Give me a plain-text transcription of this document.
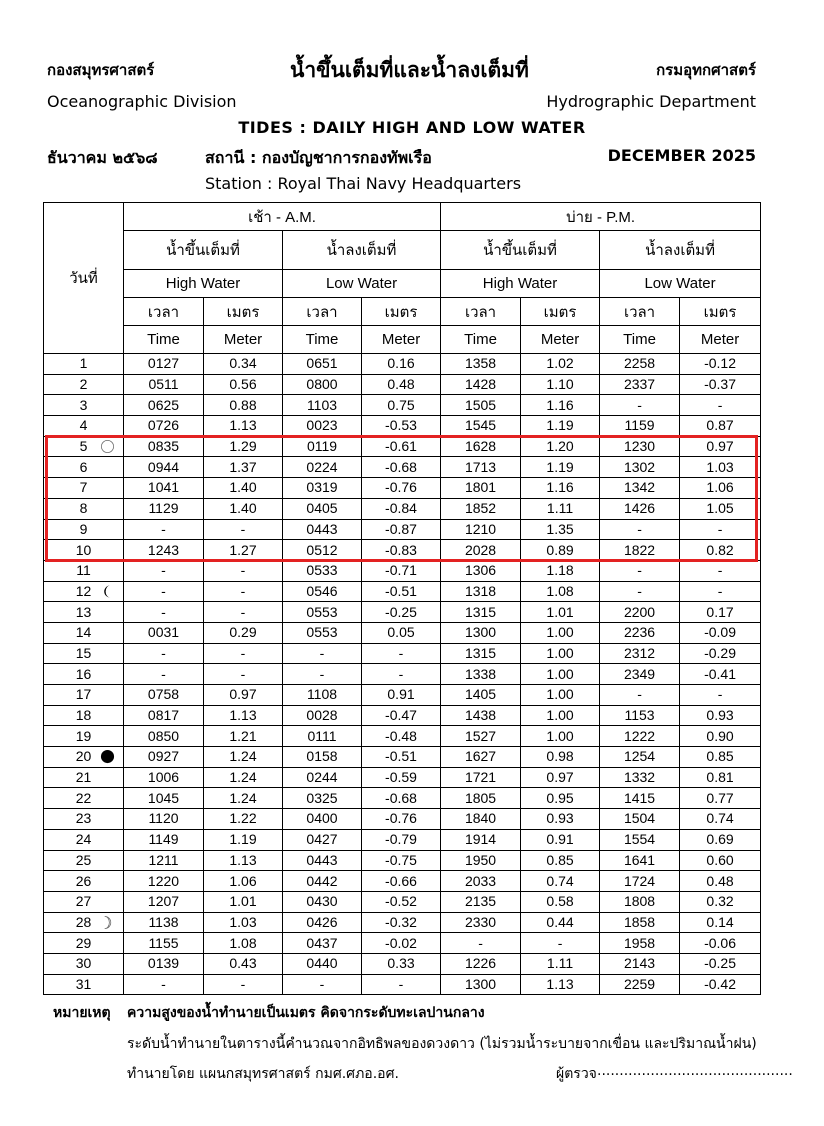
กองสมุทรศาสตร์	น้ำขึ้นเต็มที่และน้ำลงเต็มที่	กรมอุทกศาสตร์
Oceanographic Division	Hydrographic Department
TIDES : DAILY HIGH AND LOW WATER
ธันวาคม ๒๕๖๘	สถานี : กองบัญชาการกองทัพเรือ	DECEMBER 2025
Station : Royal Thai Navy Headquarters
วันที่	เช้า - A.M.				บ่าย - P.M.			
	น้ำขึ้นเต็มที่		น้ำลงเต็มที่		น้ำขึ้นเต็มที่		น้ำลงเต็มที่	
	High Water		Low Water		High Water		Low Water	
	เวลา	เมตร	เวลา	เมตร	เวลา	เมตร	เวลา	เมตร
	Time	Meter	Time	Meter	Time	Meter	Time	Meter
1	0127	0.34	0651	0.16	1358	1.02	2258	-0.12
2	0511	0.56	0800	0.48	1428	1.10	2337	-0.37
3	0625	0.88	1103	0.75	1505	1.16	-	-
4	0726	1.13	0023	-0.53	1545	1.19	1159	0.87
5	0835	1.29	0119	-0.61	1628	1.20	1230	0.97
6	0944	1.37	0224	-0.68	1713	1.19	1302	1.03
7	1041	1.40	0319	-0.76	1801	1.16	1342	1.06
8	1129	1.40	0405	-0.84	1852	1.11	1426	1.05
9	-	-	0443	-0.87	1210	1.35	-	-
10	1243	1.27	0512	-0.83	2028	0.89	1822	0.82
11	-	-	0533	-0.71	1306	1.18	-	-
12	-	-	0546	-0.51	1318	1.08	-	-
13	-	-	0553	-0.25	1315	1.01	2200	0.17
14	0031	0.29	0553	0.05	1300	1.00	2236	-0.09
15	-	-	-	-	1315	1.00	2312	-0.29
16	-	-	-	-	1338	1.00	2349	-0.41
17	0758	0.97	1108	0.91	1405	1.00	-	-
18	0817	1.13	0028	-0.47	1438	1.00	1153	0.93
19	0850	1.21	0111	-0.48	1527	1.00	1222	0.90
20	0927	1.24	0158	-0.51	1627	0.98	1254	0.85
21	1006	1.24	0244	-0.59	1721	0.97	1332	0.81
22	1045	1.24	0325	-0.68	1805	0.95	1415	0.77
23	1120	1.22	0400	-0.76	1840	0.93	1504	0.74
24	1149	1.19	0427	-0.79	1914	0.91	1554	0.69
25	1211	1.13	0443	-0.75	1950	0.85	1641	0.60
26	1220	1.06	0442	-0.66	2033	0.74	1724	0.48
27	1207	1.01	0430	-0.52	2135	0.58	1808	0.32
28	1138	1.03	0426	-0.32	2330	0.44	1858	0.14
29	1155	1.08	0437	-0.02	-	-	1958	-0.06
30	0139	0.43	0440	0.33	1226	1.11	2143	-0.25
31	-	-	-	-	1300	1.13	2259	-0.42
หมายเหตุ ความสูงของน้ำทำนายเป็นเมตร คิดจากระดับทะเลปานกลาง
ระดับน้ำทำนายในตารางนี้คำนวณจากอิทธิพลของดวงดาว (ไม่รวมน้ำระบายจากเขื่อน และปริมาณน้ำฝน)
ทำนายโดย แผนกสมุทรศาสตร์ กมศ.ศภอ.อศ.	ผู้ตรวจ ............................................
